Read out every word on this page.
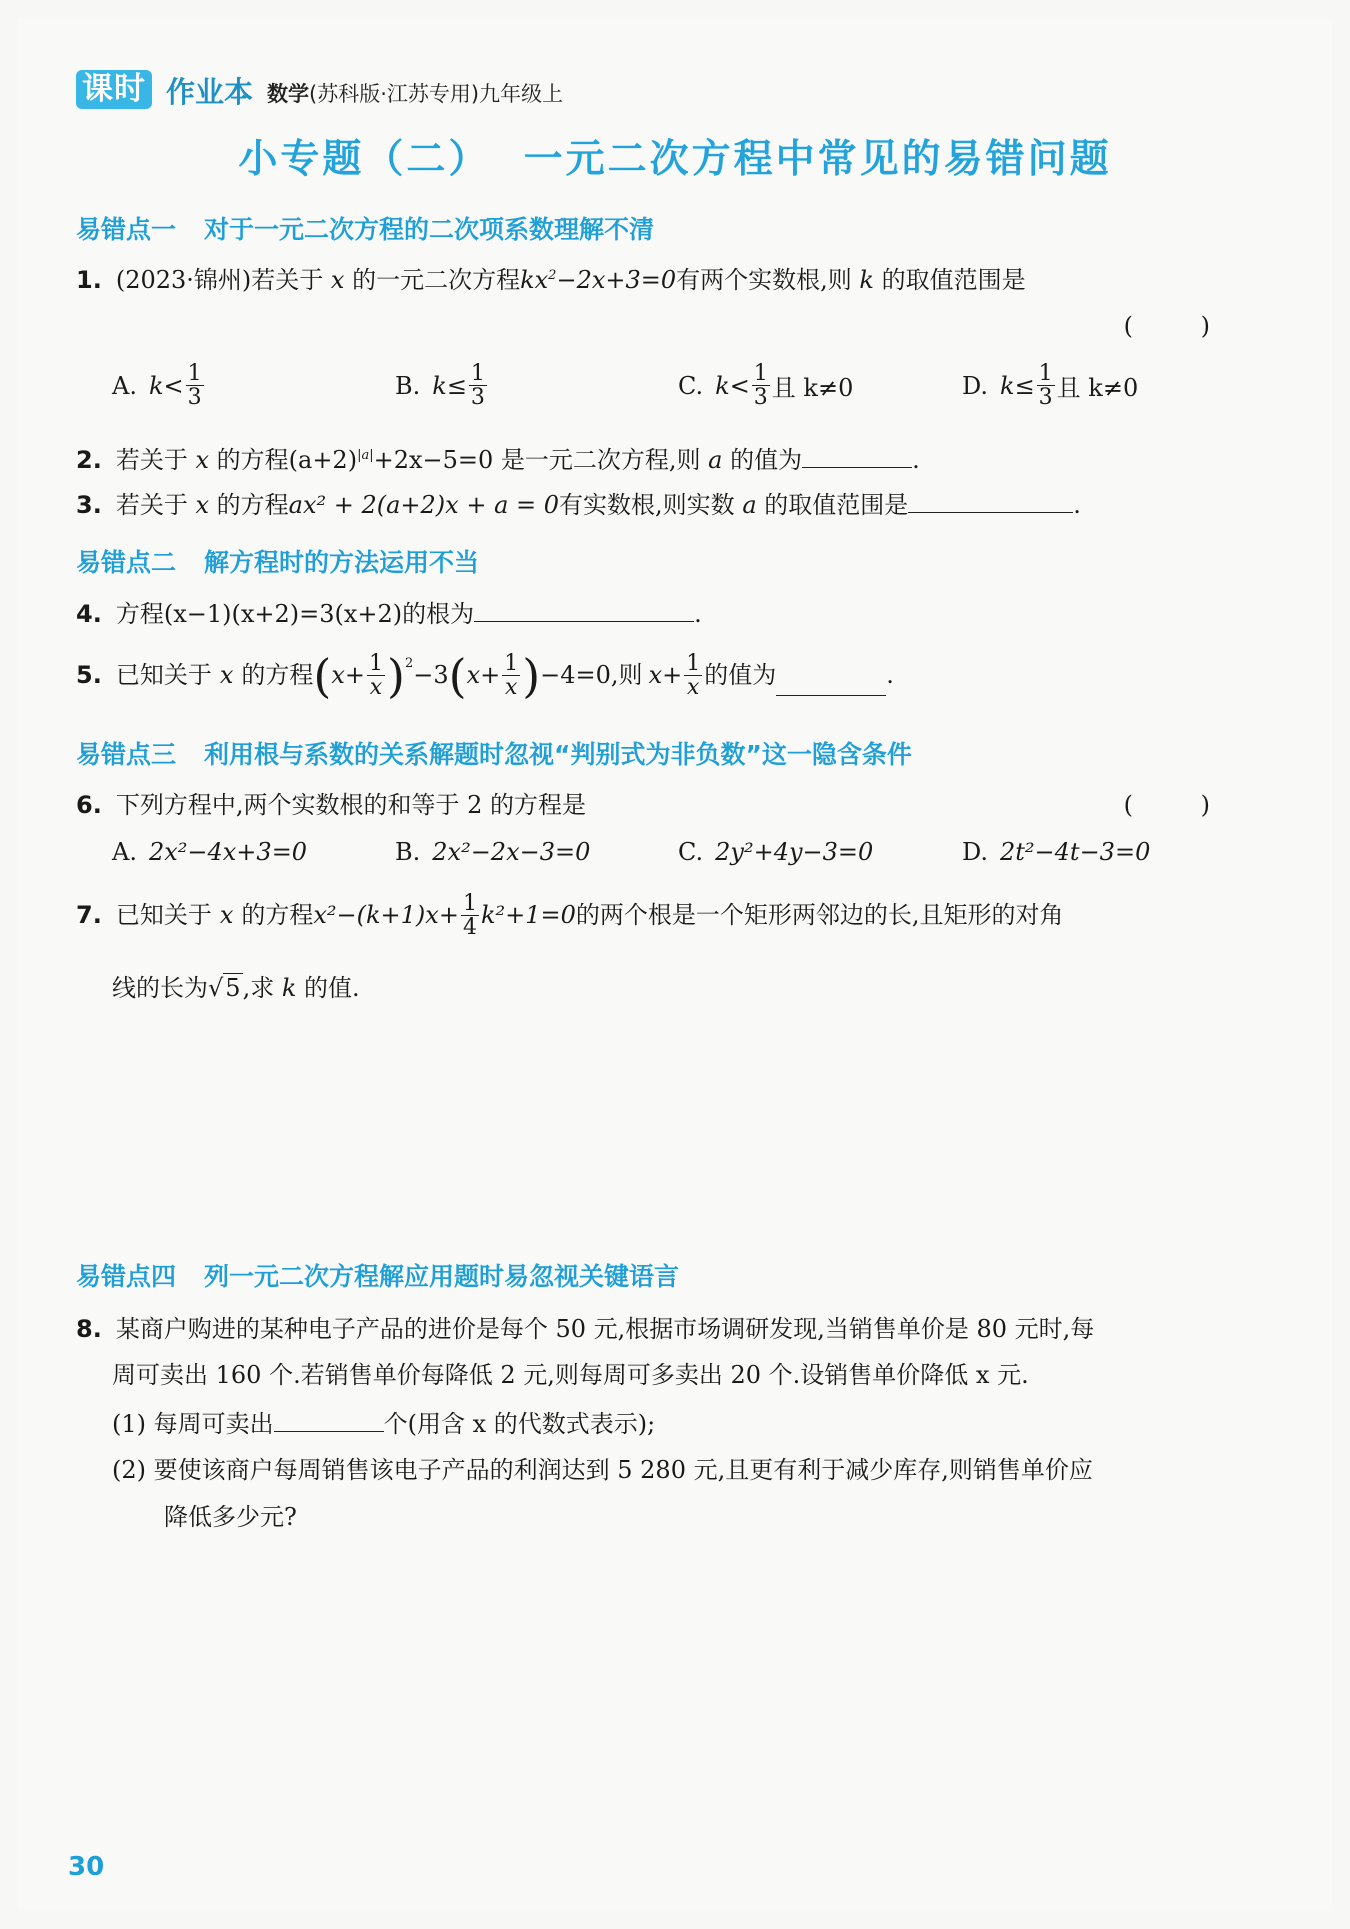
课时 作业本 数学(苏科版·江苏专用)九年级上
小专题（二）  一元二次方程中常见的易错问题
易错点一 对于一元二次方程的二次项系数理解不清
1. (2023·锦州)若关于 x 的一元二次方程$kx^2-2x+3=0$有两个实数根,则 k 的取值范围是
( )
A. $k < \frac{1}{3}$	B. $k \le \frac{1}{3}$	C. $k < \frac{1}{3}$ 且 k≠0	D. $k \le \frac{1}{3}$ 且 k≠0
2. 若关于 x 的方程$(a+2)^{|a|}+2x-5=0$ 是一元二次方程,则 a 的值为	.
3. 若关于 x 的方程ax² + 2(a+2)x + a = 0有实数根,则实数 a 的取值范围是	.
易错点二 解方程时的方法运用不当
4. 方程(x−1)(x+2)=3(x+2)的根为	.
5. 已知关于 x 的方程 ( $x+ \frac{1}{x} )^2 -3$ ( $x+ \frac{1}{x}$ ) −4=0,则 $x+ \frac{1}{x}$ 的值为	.
易错点三 利用根与系数的关系解题时忽视“判别式为非负数”这一隐含条件
6. 下列方程中,两个实数根的和等于 2 的方程是	( )
A. 2x²−4x+3=0	B. 2x²−2x−3=0	C. 2y²+4y−3=0	D. 2t²−4t−3=0
7. 已知关于 x 的方程 $x^2-(k+1)x+ \frac{1}{4} k^2+1=0$ 的两个根是一个矩形两邻边的长,且矩形的对角
线的长为√5,求 k 的值.
易错点四 列一元二次方程解应用题时易忽视关键语言
8. 某商户购进的某种电子产品的进价是每个 50 元,根据市场调研发现,当销售单价是 80 元时,每
周可卖出 160 个.若销售单价每降低 2 元,则每周可多卖出 20 个.设销售单价降低 x 元.
(1) 每周可卖出	个(用含 x 的代数式表示);
(2) 要使该商户每周销售该电子产品的利润达到 5 280 元,且更有利于减少库存,则销售单价应
降低多少元?
30
